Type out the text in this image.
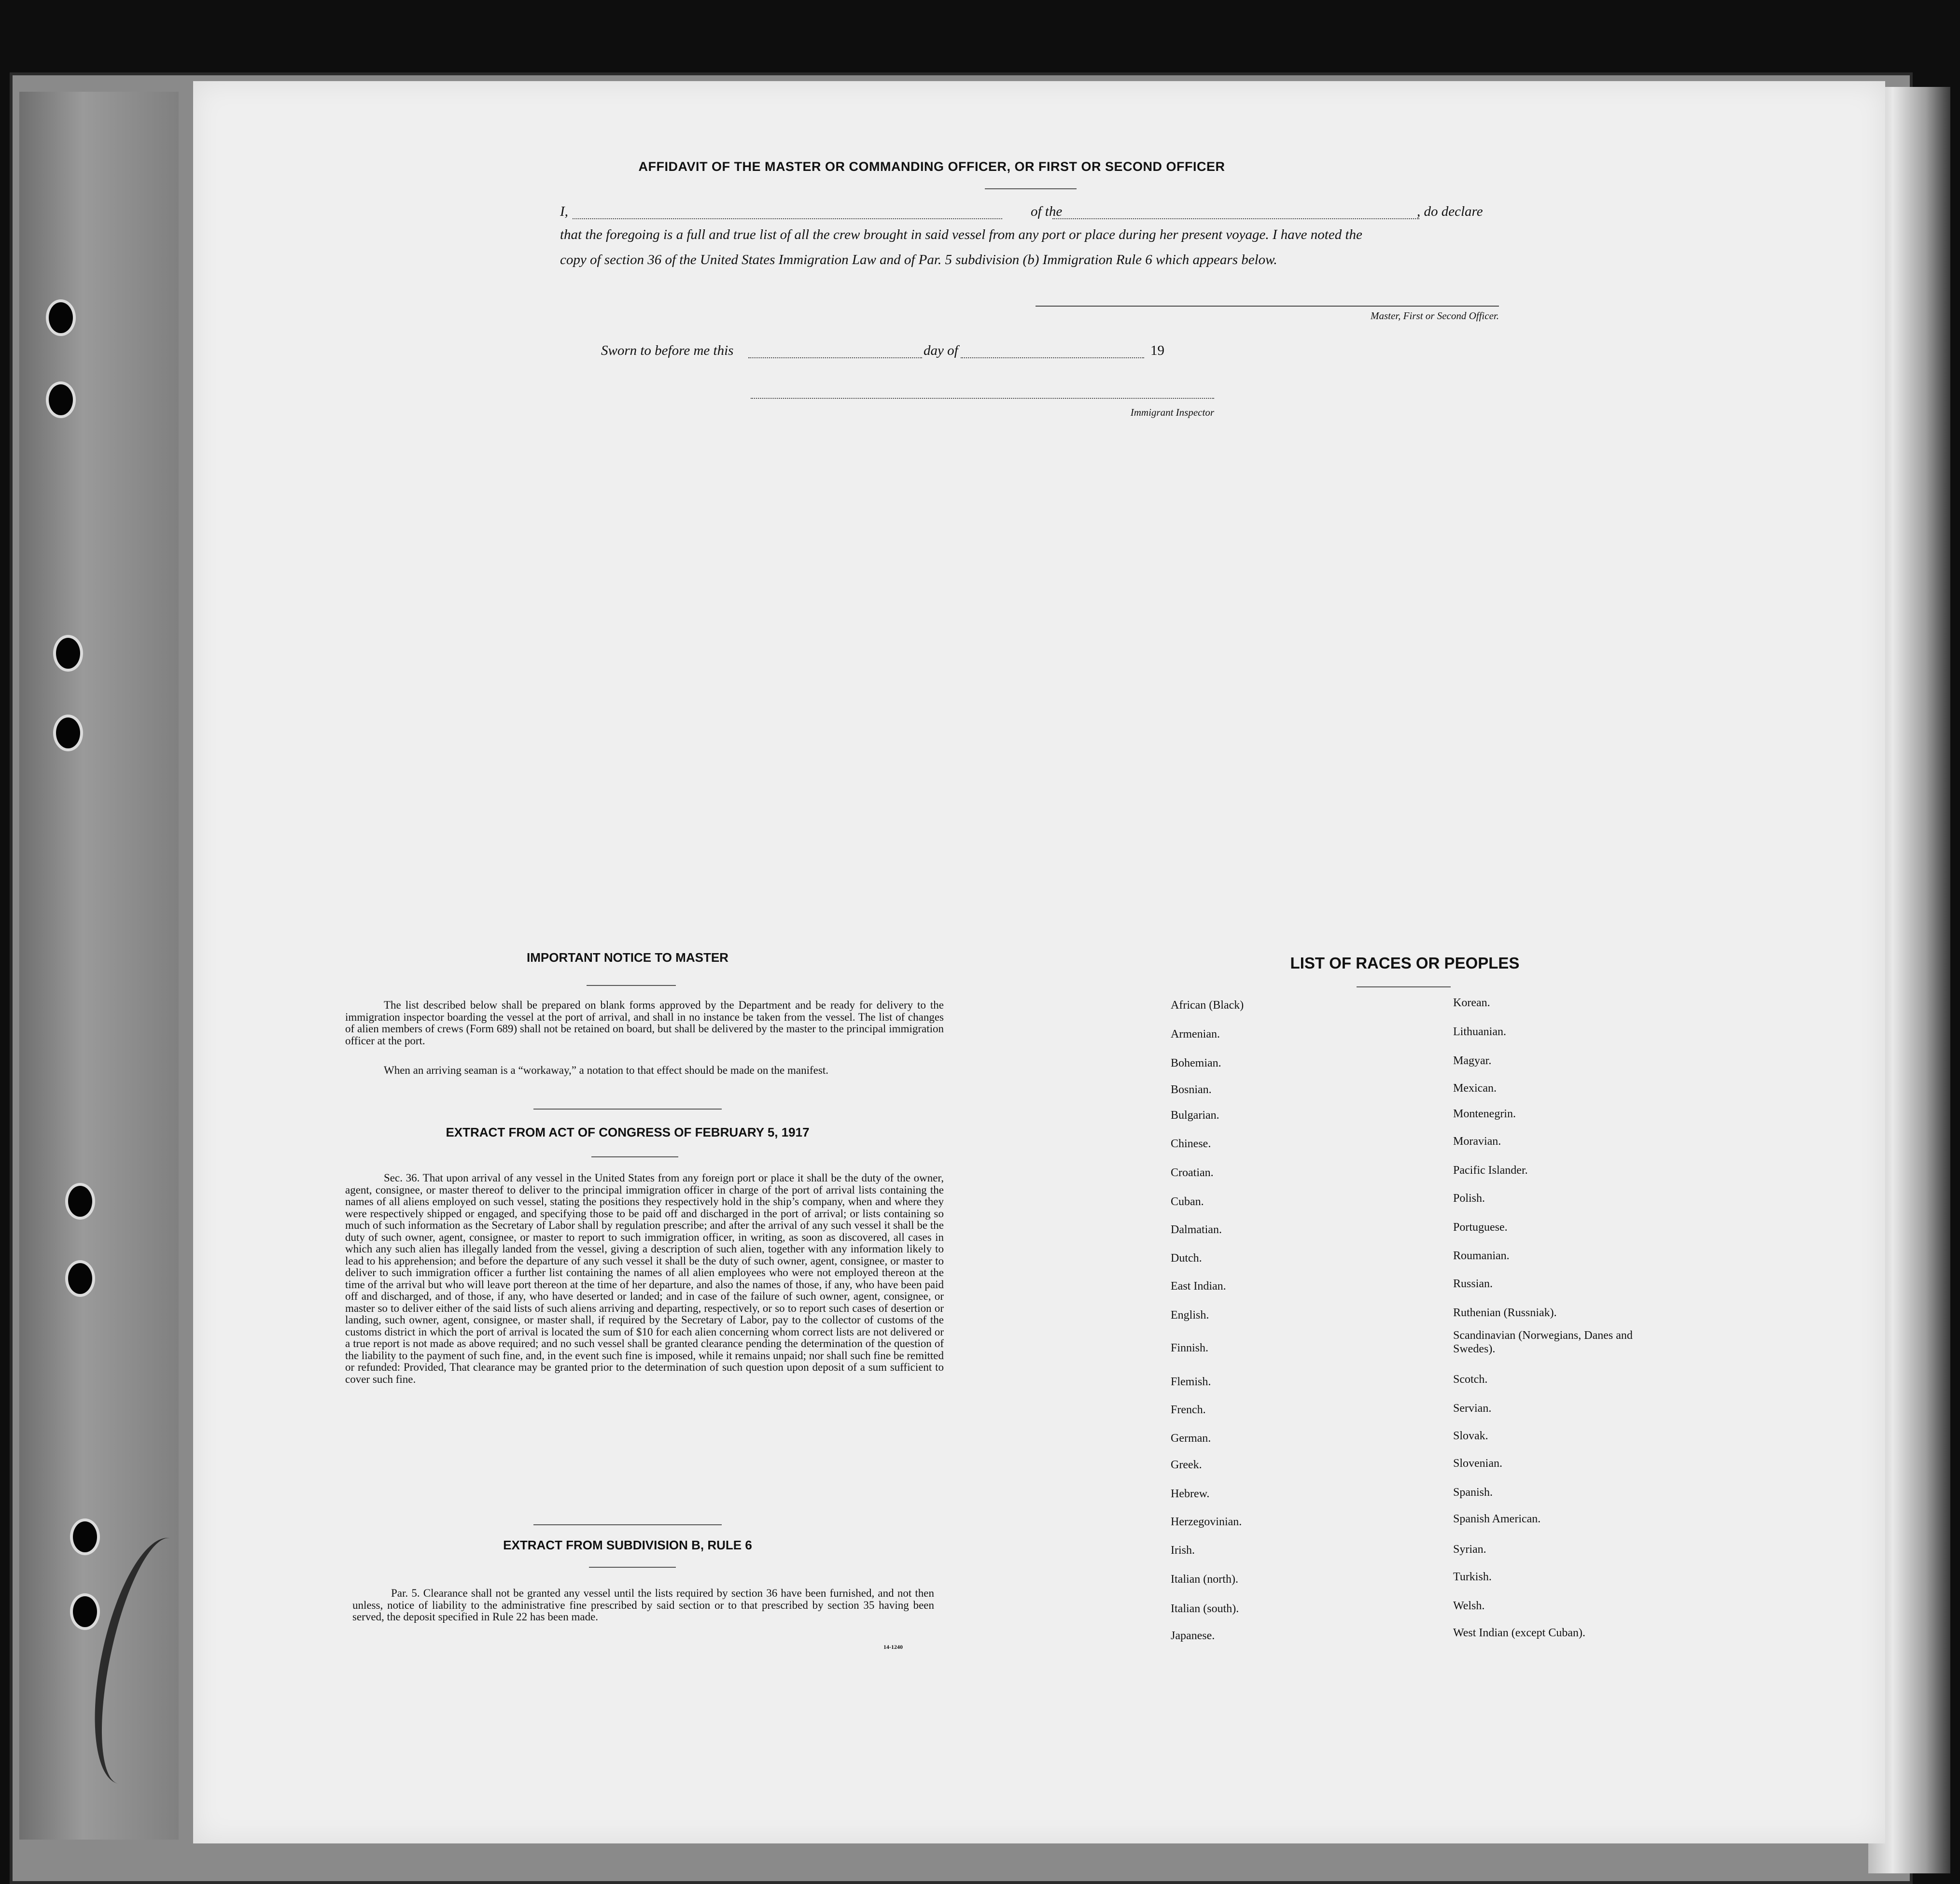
AFFIDAVIT OF THE MASTER OR COMMANDING OFFICER, OR FIRST OR SECOND OFFICER
I,	of the	, do declare
that the foregoing is a full and true list of all the crew brought in said vessel from any port or place during her present voyage. I have noted the
copy of section 36 of the United States Immigration Law and of Par. 5 subdivision (b) Immigration Rule 6 which appears below.
Master, First or Second Officer.
Sworn to before me this	day of	19
Immigrant Inspector
IMPORTANT NOTICE TO MASTER
The list described below shall be prepared on blank forms approved by the Department and be ready for delivery to the immigration inspector boarding the vessel at the port of arrival, and shall in no instance be taken from the vessel. The list of changes of alien members of crews (Form 689) shall not be retained on board, but shall be delivered by the master to the principal immigration officer at the port.
When an arriving seaman is a “workaway,” a notation to that effect should be made on the manifest.
EXTRACT FROM ACT OF CONGRESS OF FEBRUARY 5, 1917
Sec. 36. That upon arrival of any vessel in the United States from any foreign port or place it shall be the duty of the owner, agent, consignee, or master thereof to deliver to the principal immigration officer in charge of the port of arrival lists containing the names of all aliens employed on such vessel, stating the positions they respectively hold in the ship’s company, when and where they were respectively shipped or engaged, and specifying those to be paid off and discharged in the port of arrival; or lists containing so much of such information as the Secretary of Labor shall by regulation prescribe; and after the arrival of any such vessel it shall be the duty of such owner, agent, consignee, or master to report to such immigration officer, in writing, as soon as discovered, all cases in which any such alien has illegally landed from the vessel, giving a description of such alien, together with any information likely to lead to his apprehension; and before the departure of any such vessel it shall be the duty of such owner, agent, consignee, or master to deliver to such immigration officer a further list containing the names of all alien employees who were not employed thereon at the time of the arrival but who will leave port thereon at the time of her departure, and also the names of those, if any, who have been paid off and discharged, and of those, if any, who have deserted or landed; and in case of the failure of such owner, agent, consignee, or master so to deliver either of the said lists of such aliens arriving and departing, respectively, or so to report such cases of desertion or landing, such owner, agent, consignee, or master shall, if required by the Secretary of Labor, pay to the collector of customs of the customs district in which the port of arrival is located the sum of $10 for each alien concerning whom correct lists are not delivered or a true report is not made as above required; and no such vessel shall be granted clearance pending the determination of the question of the liability to the payment of such fine, and, in the event such fine is imposed, while it remains unpaid; nor shall such fine be remitted or refunded: Provided, That clearance may be granted prior to the determination of such question upon deposit of a sum sufficient to cover such fine.
EXTRACT FROM SUBDIVISION B, RULE 6
Par. 5. Clearance shall not be granted any vessel until the lists required by section 36 have been furnished, and not then unless, notice of liability to the administrative fine prescribed by said section or to that prescribed by section 35 having been served, the deposit specified in Rule 22 has been made.
14-1240
LIST OF RACES OR PEOPLES
African (Black)
Armenian.
Bohemian.
Bosnian.
Bulgarian.
Chinese.
Croatian.
Cuban.
Dalmatian.
Dutch.
East Indian.
English.
Finnish.
Flemish.
French.
German.
Greek.
Hebrew.
Herzegovinian.
Irish.
Italian (north).
Italian (south).
Japanese.
Korean.
Lithuanian.
Magyar.
Mexican.
Montenegrin.
Moravian.
Pacific Islander.
Polish.
Portuguese.
Roumanian.
Russian.
Ruthenian (Russniak).
Scandinavian (Norwegians, Danes and Swedes).
Scotch.
Servian.
Slovak.
Slovenian.
Spanish.
Spanish American.
Syrian.
Turkish.
Welsh.
West Indian (except Cuban).
